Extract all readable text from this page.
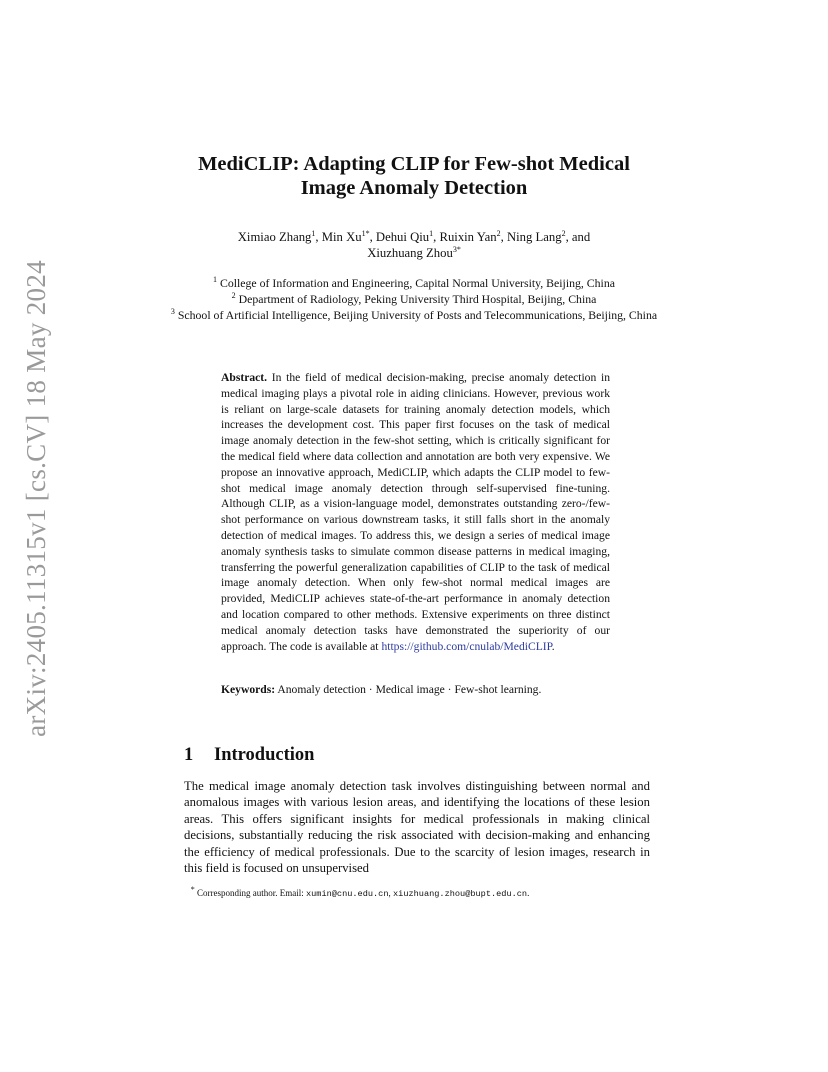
arXiv:2405.11315v1 [cs.CV] 18 May 2024
MediCLIP: Adapting CLIP for Few-shot Medical
Image Anomaly Detection
Ximiao Zhang$^1$, Min $Xu^{1*}$, Dehui Qiu$^1$, Ruixin Yan$^2$, Ning Lang$^2$, and
Xiuzhuang Zhou$^{3*}$
$^1$ College of Information and Engineering, Capital Normal University, Beijing, China
$^2$ Department of Radiology, Peking University Third Hospital, Beijing, China
$^3$ School of Artificial Intelligence, Beijing University of Posts and Telecommunications, Beijing, China
Abstract. In the field of medical decision-making, precise anomaly detection in medical imaging plays a pivotal role in aiding clinicians. However, previous work is reliant on large-scale datasets for training anomaly detection models, which increases the development cost. This paper first focuses on the task of medical image anomaly detection in the few-shot setting, which is critically significant for the medical field where data collection and annotation are both very expensive. We propose an innovative approach, MediCLIP, which adapts the CLIP model to few-shot medical image anomaly detection through self-supervised fine-tuning. Although CLIP, as a vision-language model, demonstrates outstanding zero-/few-shot performance on various downstream tasks, it still falls short in the anomaly detection of medical images. To address this, we design a series of medical image anomaly synthesis tasks to simulate common disease patterns in medical imaging, transferring the powerful generalization capabilities of CLIP to the task of medical image anomaly detection. When only few-shot normal medical images are provided, MediCLIP achieves state-of-the-art performance in anomaly detection and location compared to other methods. Extensive experiments on three distinct medical anomaly detection tasks have demonstrated the superiority of our approach. The code is available at https://github.com/cnulab/MediCLIP.
Keywords: Anomaly detection · Medical image · Few-shot learning.
1 Introduction
The medical image anomaly detection task involves distinguishing between normal and anomalous images with various lesion areas, and identifying the locations of these lesion areas. This offers significant insights for medical professionals in making clinical decisions, substantially reducing the risk associated with decision-making and enhancing the efficiency of medical professionals. Due to the scarcity of lesion images, research in this field is focused on unsupervised
* Corresponding author. Email: xumin@cnu.edu.cn, xiuzhuang.zhou@bupt.edu.cn.
